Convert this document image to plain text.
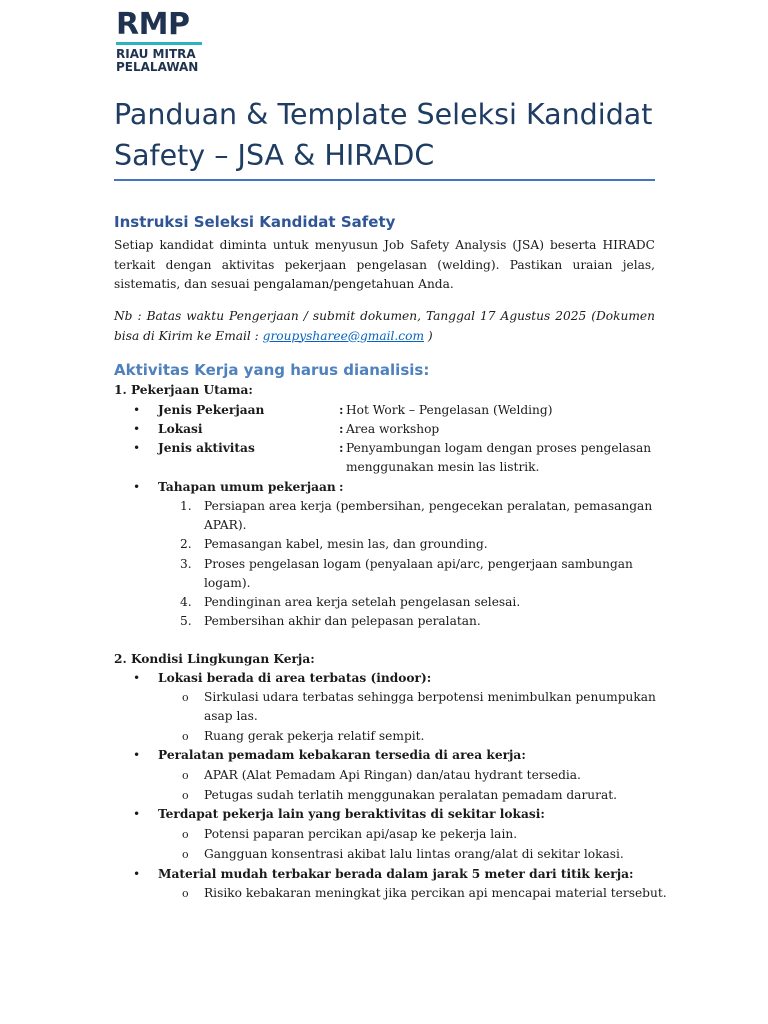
RMP
RIAU MITRA
PELALAWAN
Panduan & Template Seleksi Kandidat Safety – JSA & HIRADC
Instruksi Seleksi Kandidat Safety

Setiap kandidat diminta untuk menyusun Job Safety Analysis (JSA) beserta HIRADC terkait dengan aktivitas pekerjaan pengelasan (welding). Pastikan uraian jelas, sistematis, dan sesuai pengalaman/pengetahuan Anda.

Nb : Batas waktu Pengerjaan / submit dokumen, Tanggal 17 Agustus 2025 (Dokumen bisa di Kirim ke Email : groupysharee@gmail.com )

Aktivitas Kerja yang harus dianalisis:
1. Pekerjaan Utama:
• Jenis Pekerjaan	: Hot Work – Pengelasan (Welding)
• Lokasi	: Area workshop
• Jenis aktivitas	: Penyambungan logam dengan proses pengelasan
menggunakan mesin las listrik.
• Tahapan umum pekerjaan :
1. Persiapan area kerja (pembersihan, pengecekan peralatan, pemasangan
APAR).
2. Pemasangan kabel, mesin las, dan grounding.
3. Proses pengelasan logam (penyalaan api/arc, pengerjaan sambungan
logam).
4. Pendinginan area kerja setelah pengelasan selesai.
5. Pembersihan akhir dan pelepasan peralatan.
2. Kondisi Lingkungan Kerja:
• Lokasi berada di area terbatas (indoor):
o Sirkulasi udara terbatas sehingga berpotensi menimbulkan penumpukan
asap las.
o Ruang gerak pekerja relatif sempit.
• Peralatan pemadam kebakaran tersedia di area kerja:
o APAR (Alat Pemadam Api Ringan) dan/atau hydrant tersedia.
o Petugas sudah terlatih menggunakan peralatan pemadam darurat.
• Terdapat pekerja lain yang beraktivitas di sekitar lokasi:
o Potensi paparan percikan api/asap ke pekerja lain.
o Gangguan konsentrasi akibat lalu lintas orang/alat di sekitar lokasi.
• Material mudah terbakar berada dalam jarak 5 meter dari titik kerja:
o Risiko kebakaran meningkat jika percikan api mencapai material tersebut.
